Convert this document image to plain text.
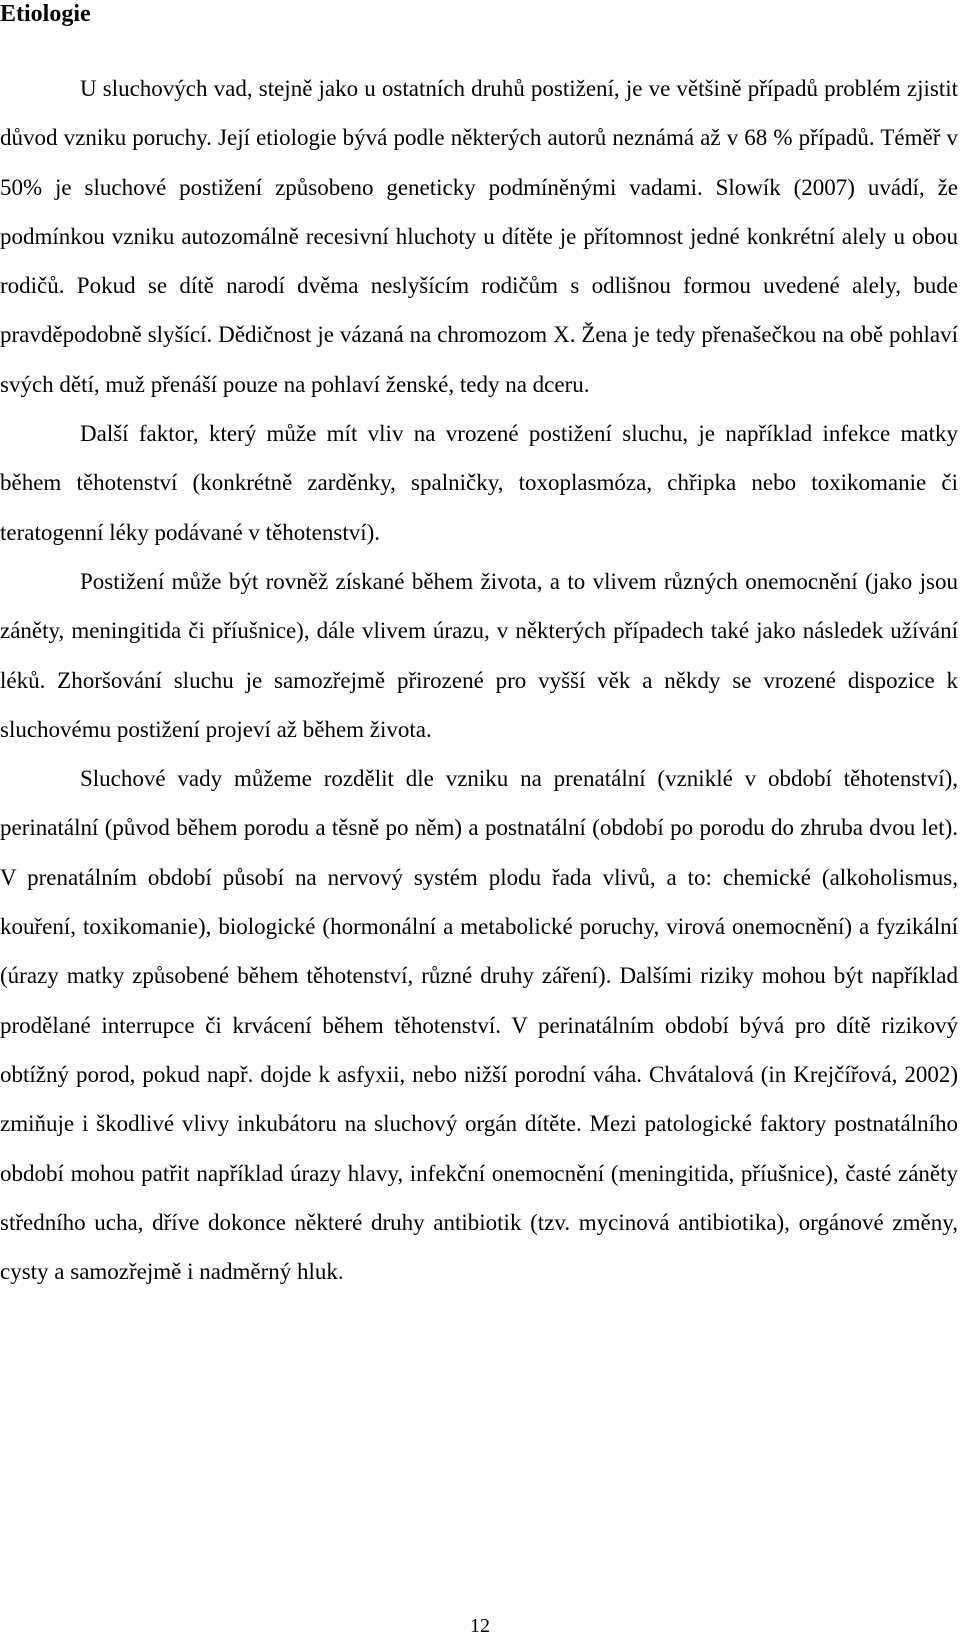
Etiologie

U sluchových vad, stejně jako u ostatních druhů postižení, je ve většině případů problém zjistit důvod vzniku poruchy. Její etiologie bývá podle některých autorů neznámá až v 68 % případů. Téměř v 50% je sluchové postižení způsobeno geneticky podmíněnými vadami. Slowík (2007) uvádí, že podmínkou vzniku autozomálně recesivní hluchoty u dítěte je přítomnost jedné konkrétní alely u obou rodičů. Pokud se dítě narodí dvěma neslyšícím rodičům s odlišnou formou uvedené alely, bude pravděpodobně slyšící. Dědičnost je vázaná na chromozom X. Žena je tedy přenašečkou na obě pohlaví svých dětí, muž přenáší pouze na pohlaví ženské, tedy na dceru.

Další faktor, který může mít vliv na vrozené postižení sluchu, je například infekce matky během těhotenství (konkrétně zarděnky, spalničky, toxoplasmóza, chřipka nebo toxikomanie či teratogenní léky podávané v těhotenství).

Postižení může být rovněž získané během života, a to vlivem různých onemocnění (jako jsou záněty, meningitida či příušnice), dále vlivem úrazu, v některých případech také jako následek užívání léků. Zhoršování sluchu je samozřejmě přirozené pro vyšší věk a někdy se vrozené dispozice k sluchovému postižení projeví až během života.

Sluchové vady můžeme rozdělit dle vzniku na prenatální (vzniklé v období těhotenství), perinatální (původ během porodu a těsně po něm) a postnatální (období po porodu do zhruba dvou let). V prenatálním období působí na nervový systém plodu řada vlivů, a to: chemické (alkoholismus, kouření, toxikomanie), biologické (hormonální a metabolické poruchy, virová onemocnění) a fyzikální (úrazy matky způsobené během těhotenství, různé druhy záření). Dalšími riziky mohou být například prodělané interrupce či krvácení během těhotenství. V perinatálním období bývá pro dítě rizikový obtížný porod, pokud např. dojde k asfyxii, nebo nižší porodní váha. Chvátalová (in Krejčířová, 2002) zmiňuje i škodlivé vlivy inkubátoru na sluchový orgán dítěte. Mezi patologické faktory postnatálního období mohou patřit například úrazy hlavy, infekční onemocnění (meningitida, příušnice), časté záněty středního ucha, dříve dokonce některé druhy antibiotik (tzv. mycinová antibiotika), orgánové změny, cysty a samozřejmě i nadměrný hluk.

12
